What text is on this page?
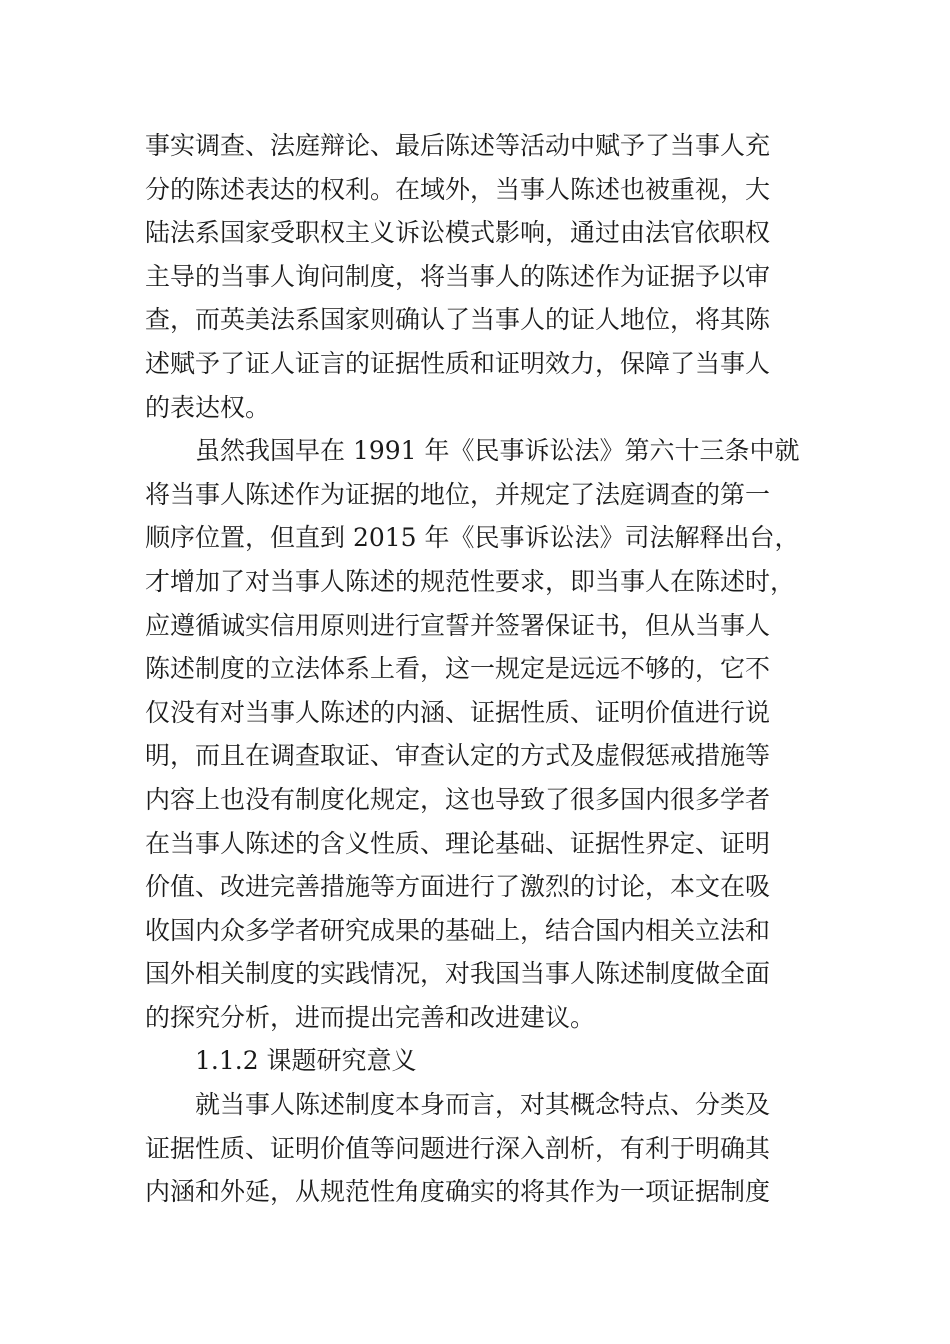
事实调查、法庭辩论、最后陈述等活动中赋予了当事人充
分的陈述表达的权利。在域外，当事人陈述也被重视，大
陆法系国家受职权主义诉讼模式影响，通过由法官依职权
主导的当事人询问制度，将当事人的陈述作为证据予以审
查，而英美法系国家则确认了当事人的证人地位，将其陈
述赋予了证人证言的证据性质和证明效力，保障了当事人
的表达权。
虽然我国早在 1991 年《民事诉讼法》第六十三条中就
将当事人陈述作为证据的地位，并规定了法庭调查的第一
顺序位置，但直到 2015 年《民事诉讼法》司法解释出台，
才增加了对当事人陈述的规范性要求，即当事人在陈述时，
应遵循诚实信用原则进行宣誓并签署保证书，但从当事人
陈述制度的立法体系上看，这一规定是远远不够的，它不
仅没有对当事人陈述的内涵、证据性质、证明价值进行说
明，而且在调查取证、审查认定的方式及虚假惩戒措施等
内容上也没有制度化规定，这也导致了很多国内很多学者
在当事人陈述的含义性质、理论基础、证据性界定、证明
价值、改进完善措施等方面进行了激烈的讨论，本文在吸
收国内众多学者研究成果的基础上，结合国内相关立法和
国外相关制度的实践情况，对我国当事人陈述制度做全面
的探究分析，进而提出完善和改进建议。
1.1.2 课题研究意义
就当事人陈述制度本身而言，对其概念特点、分类及
证据性质、证明价值等问题进行深入剖析，有利于明确其
内涵和外延，从规范性角度确实的将其作为一项证据制度
